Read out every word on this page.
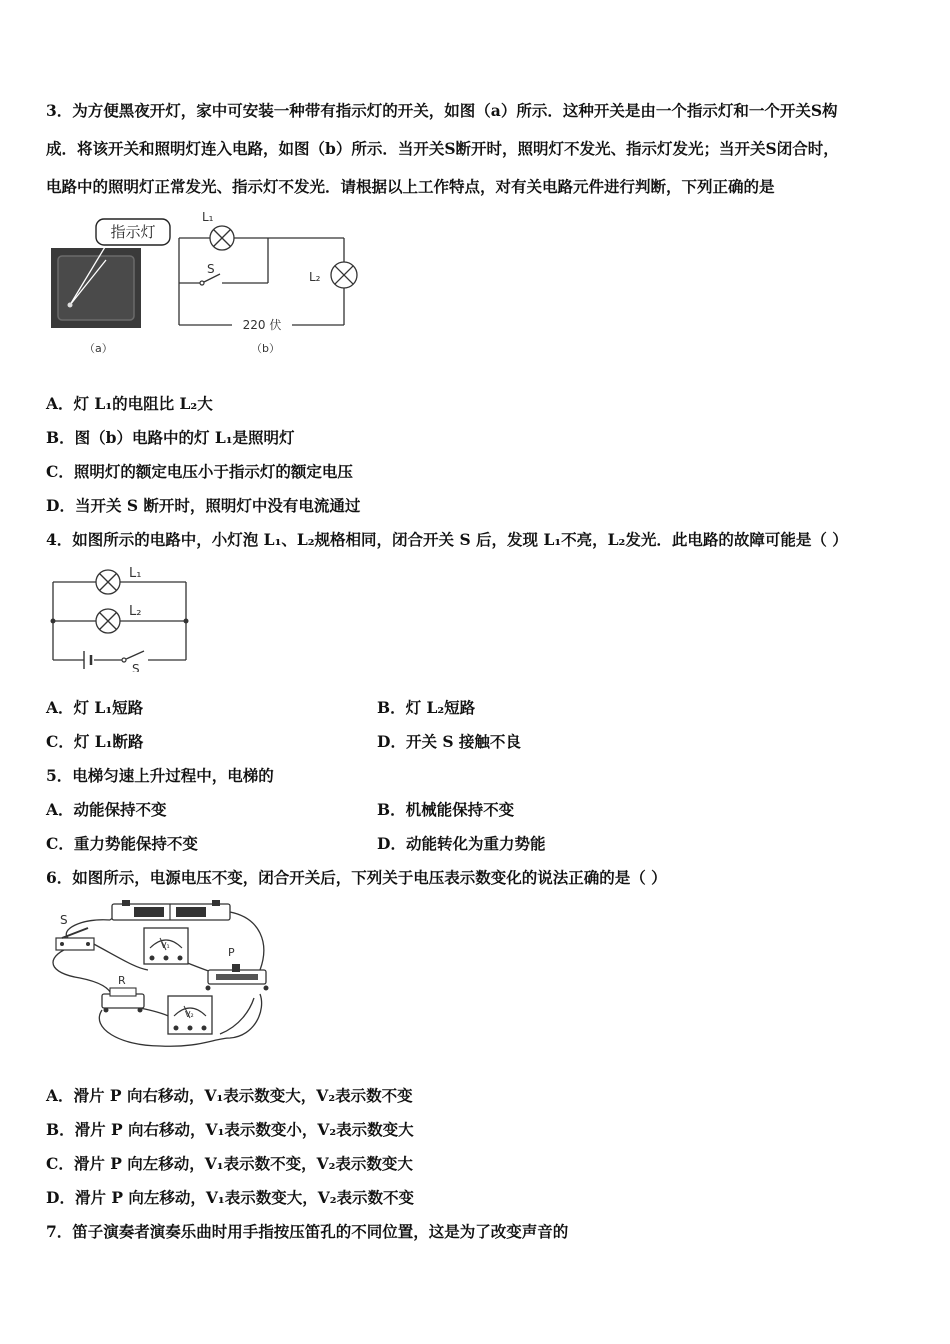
3．为方便黑夜开灯，家中可安装一种带有指示灯的开关，如图（a）所示．这种开关是由一个指示灯和一个开关S构
成．将该开关和照明灯连入电路，如图（b）所示．当开关S断开时，照明灯不发光、指示灯发光；当开关S闭合时，
电路中的照明灯正常发光、指示灯不发光．请根据以上工作特点，对有关电路元件进行判断，下列正确的是
指示灯
（a）
L₁
L₂
S
220 伏
（b）
A．灯 L₁的电阻比 L₂大
B．图（b）电路中的灯 L₁是照明灯
C．照明灯的额定电压小于指示灯的额定电压
D．当开关 S 断开时，照明灯中没有电流通过
4．如图所示的电路中，小灯泡 L₁、L₂规格相同，闭合开关 S 后，发现 L₁不亮，L₂发光．此电路的故障可能是（ ）
L₁
L₂
S
A．灯 L₁短路	B．灯 L₂短路
C．灯 L₁断路	D．开关 S 接触不良
5．电梯匀速上升过程中，电梯的
A．动能保持不变	B．机械能保持不变
C．重力势能保持不变	D．动能转化为重力势能
6．如图所示，电源电压不变，闭合开关后，下列关于电压表示数变化的说法正确的是（ ）
S
R
P
V₁
V₂
A．滑片 P 向右移动，V₁表示数变大，V₂表示数不变
B．滑片 P 向右移动，V₁表示数变小，V₂表示数变大
C．滑片 P 向左移动，V₁表示数不变，V₂表示数变大
D．滑片 P 向左移动，V₁表示数变大，V₂表示数不变
7．笛子演奏者演奏乐曲时用手指按压笛孔的不同位置，这是为了改变声音的
